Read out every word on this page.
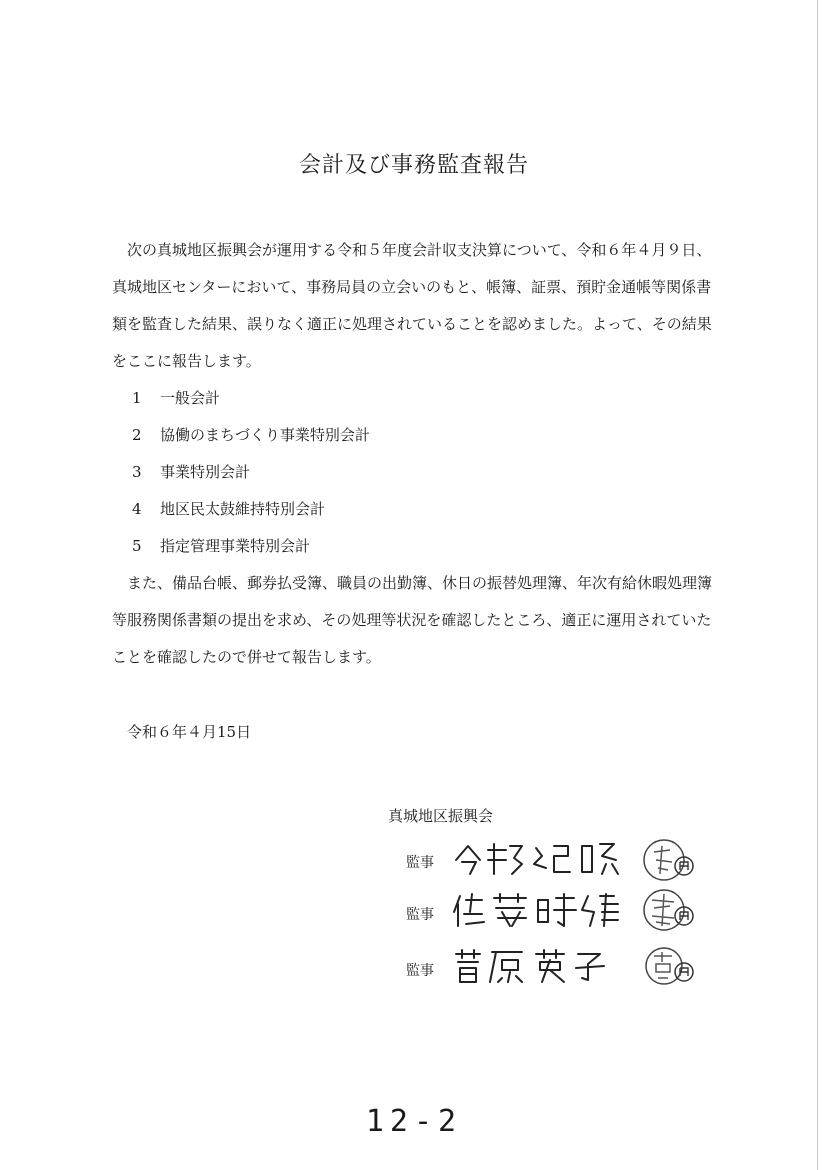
会計及び事務監査報告

次の真城地区振興会が運用する令和５年度会計収支決算について、令和６年４月９日、真城地区センターにおいて、事務局員の立会いのもと、帳簿、証票、預貯金通帳等関係書類を監査した結果、誤りなく適正に処理されていることを認めました。よって、その結果をここに報告します。

1 一般会計
2 協働のまちづくり事業特別会計
3 事業特別会計
4 地区民太鼓維持特別会計
5 指定管理事業特別会計

また、備品台帳、郵券払受簿、職員の出勤簿、休日の振替処理簿、年次有給休暇処理簿等服務関係書類の提出を求め、その処理等状況を確認したところ、適正に運用されていたことを確認したので併せて報告します。

令和６年４月15日
真城地区振興会
監事
監事
監事
12-2
